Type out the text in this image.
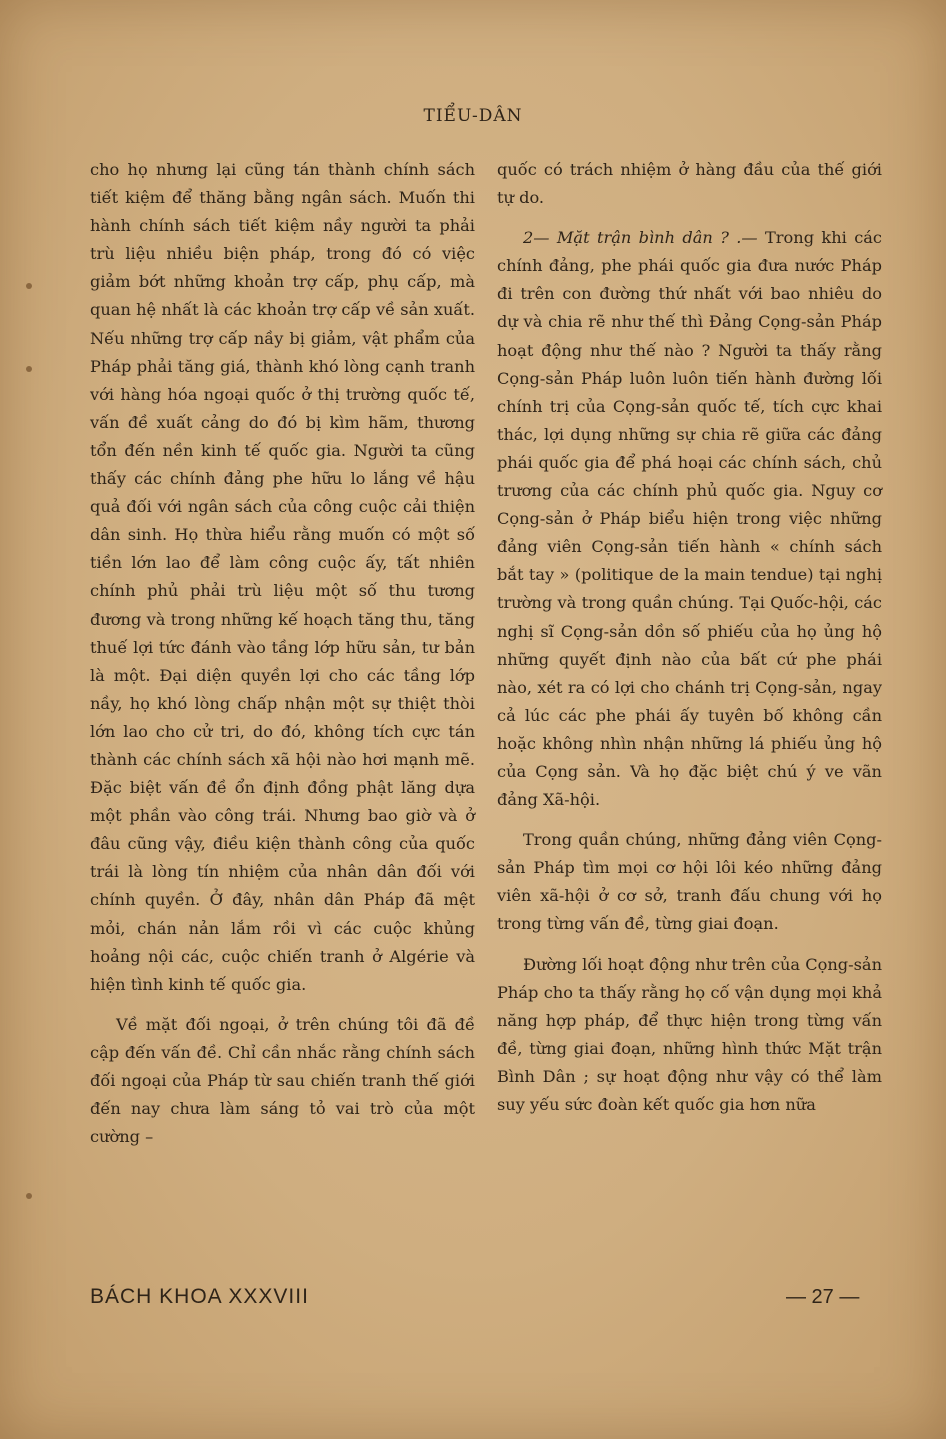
TIỂU-DÂN

cho họ nhưng lại cũng tán thành chính sách tiết kiệm để thăng bằng ngân sách. Muốn thi hành chính sách tiết kiệm nầy người ta phải trù liệu nhiều biện pháp, trong đó có việc giảm bớt những khoản trợ cấp, phụ cấp, mà quan hệ nhất là các khoản trợ cấp về sản xuất. Nếu những trợ cấp nầy bị giảm, vật phẩm của Pháp phải tăng giá, thành khó lòng cạnh tranh với hàng hóa ngoại quốc ở thị trường quốc tế, vấn đề xuất cảng do đó bị kìm hãm, thương tổn đến nền kinh tế quốc gia. Người ta cũng thấy các chính đảng phe hữu lo lắng về hậu quả đối với ngân sách của công cuộc cải thiện dân sinh. Họ thừa hiểu rằng muốn có một số tiền lớn lao để làm công cuộc ấy, tất nhiên chính phủ phải trù liệu một số thu tương đương và trong những kế hoạch tăng thu, tăng thuế lợi tức đánh vào tầng lớp hữu sản, tư bản là một. Đại diện quyền lợi cho các tầng lớp nầy, họ khó lòng chấp nhận một sự thiệt thòi lớn lao cho cử tri, do đó, không tích cực tán thành các chính sách xã hội nào hơi mạnh mẽ. Đặc biệt vấn đề ổn định đồng phật lăng dựa một phần vào công trái. Nhưng bao giờ và ở đâu cũng vậy, điều kiện thành công của quốc trái là lòng tín nhiệm của nhân dân đối với chính quyền. Ở đây, nhân dân Pháp đã mệt mỏi, chán nản lắm rồi vì các cuộc khủng hoảng nội các, cuộc chiến tranh ở Algérie và hiện tình kinh tế quốc gia.

Về mặt đối ngoại, ở trên chúng tôi đã đề cập đến vấn đề. Chỉ cần nhắc rằng chính sách đối ngoại của Pháp từ sau chiến tranh thế giới đến nay chưa làm sáng tỏ vai trò của một cường –

quốc có trách nhiệm ở hàng đầu của thế giới tự do.

2— Mặt trận bình dân ? .— Trong khi các chính đảng, phe phái quốc gia đưa nước Pháp đi trên con đường thứ nhất với bao nhiêu do dự và chia rẽ như thế thì Đảng Cọng-sản Pháp hoạt động như thế nào ? Người ta thấy rằng Cọng-sản Pháp luôn luôn tiến hành đường lối chính trị của Cọng-sản quốc tế, tích cực khai thác, lợi dụng những sự chia rẽ giữa các đảng phái quốc gia để phá hoại các chính sách, chủ trương của các chính phủ quốc gia. Nguy cơ Cọng-sản ở Pháp biểu hiện trong việc những đảng viên Cọng-sản tiến hành « chính sách bắt tay » (politique de la main tendue) tại nghị trường và trong quần chúng. Tại Quốc-hội, các nghị sĩ Cọng-sản dồn số phiếu của họ ủng hộ những quyết định nào của bất cứ phe phái nào, xét ra có lợi cho chánh trị Cọng-sản, ngay cả lúc các phe phái ấy tuyên bố không cần hoặc không nhìn nhận những lá phiếu ủng hộ của Cọng sản. Và họ đặc biệt chú ý ve vãn đảng Xã-hội.

Trong quần chúng, những đảng viên Cọng-sản Pháp tìm mọi cơ hội lôi kéo những đảng viên xã-hội ở cơ sở, tranh đấu chung với họ trong từng vấn đề, từng giai đoạn.

Đường lối hoạt động như trên của Cọng-sản Pháp cho ta thấy rằng họ cố vận dụng mọi khả năng hợp pháp, để thực hiện trong từng vấn đề, từng giai đoạn, những hình thức Mặt trận Bình Dân ; sự hoạt động như vậy có thể làm suy yếu sức đoàn kết quốc gia hơn nữa

BÁCH KHOA XXXVIII	— 27 —
